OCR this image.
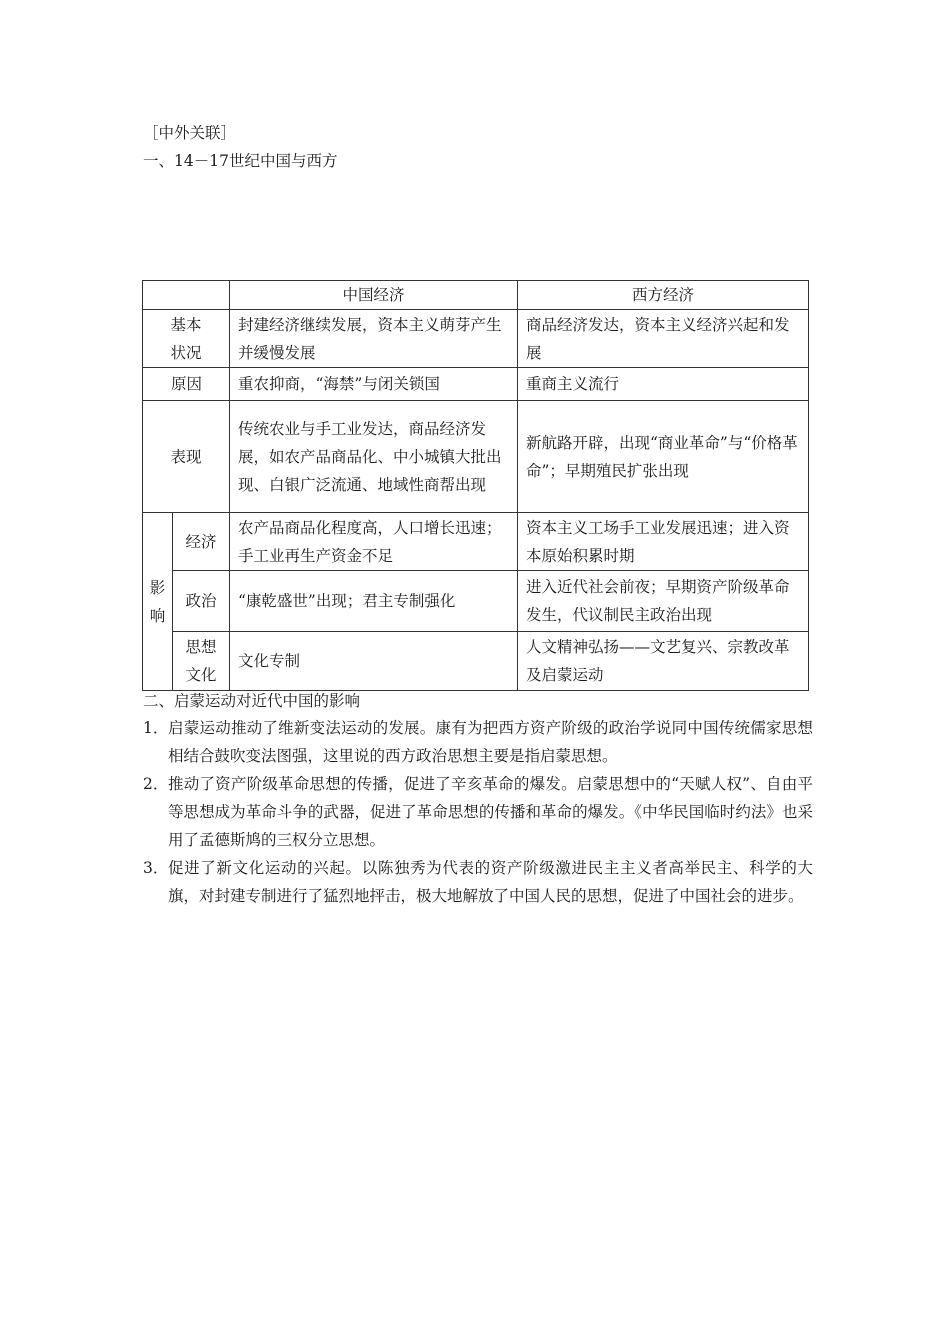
［中外关联］
一、14－17世纪中国与西方
		中国经济	西方经济
基本状况		封建经济继续发展，资本主义萌芽产生并缓慢发展	商品经济发达，资本主义经济兴起和发展
原因		重农抑商，“海禁”与闭关锁国	重商主义流行
表现		传统农业与手工业发达，商品经济发展，如农产品商品化、中小城镇大批出现、白银广泛流通、地域性商帮出现	新航路开辟，出现“商业革命”与“价格革命”；早期殖民扩张出现
影响	经济	农产品商品化程度高，人口增长迅速；手工业再生产资金不足	资本主义工场手工业发展迅速；进入资本原始积累时期
	政治	“康乾盛世”出现；君主专制强化	进入近代社会前夜；早期资产阶级革命发生，代议制民主政治出现
	思想文化	文化专制	人文精神弘扬——文艺复兴、宗教改革及启蒙运动
二、启蒙运动对近代中国的影响
1． 启蒙运动推动了维新变法运动的发展。康有为把西方资产阶级的政治学说同中国传统儒家思想相结合鼓吹变法图强，这里说的西方政治思想主要是指启蒙思想。
2． 推动了资产阶级革命思想的传播，促进了辛亥革命的爆发。启蒙思想中的“天赋人权”、自由平等思想成为革命斗争的武器，促进了革命思想的传播和革命的爆发。《中华民国临时约法》也采用了孟德斯鸠的三权分立思想。
3． 促进了新文化运动的兴起。以陈独秀为代表的资产阶级激进民主主义者高举民主、科学的大旗，对封建专制进行了猛烈地抨击，极大地解放了中国人民的思想，促进了中国社会的进步。
